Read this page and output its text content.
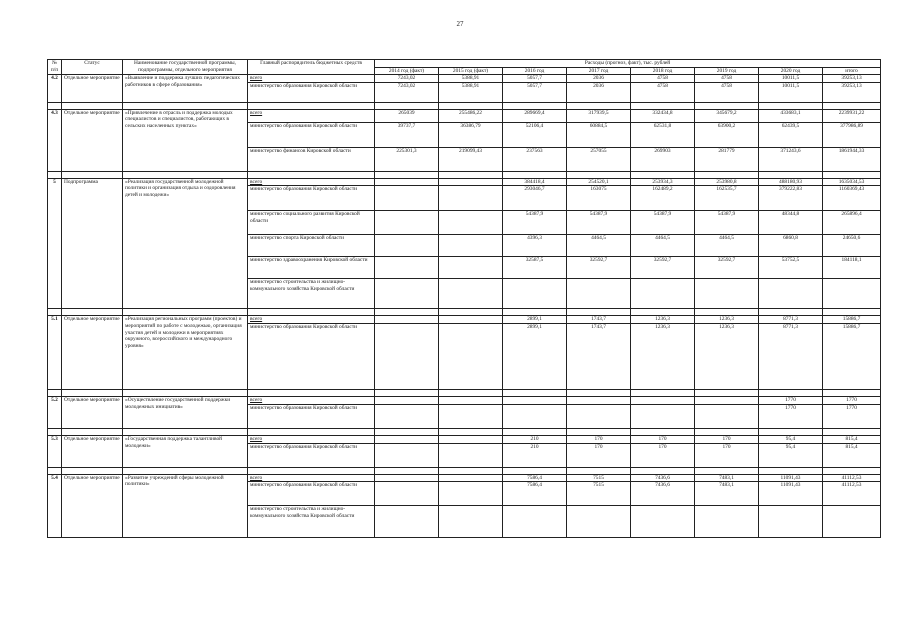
27
№ п/п	Статус	Наименование государственной программы, подпрограммы, отдельного мероприятия	Главный распорядитель бюджетных средств	Расходы (прогноз, факт), тыс. рублей							
				2014 год (факт)	2015 год (факт)	2016 год	2017 год	2018 год	2019 год	2020 год	итого
4.2	Отдельное мероприятие	«Выявление и поддержка лучших педагогических работников в сфере образования»	всего	7243,02	5388,91	5057,7	2036	4758	4758	10011,5	39253,13
			министерство образования Кировской области	7243,02	5388,91	5057,7	2036	4758	4758	10011,5	39253,13

4.3	Отдельное мероприятие	«Привлечение в отрасль и поддержка молодых специалистов и специалистов, работающих в сельских населенных пунктах»	всего	265039	255486,22	289669,4	317939,5	332434,8	345679,2	433683,1	2239931,22
			министерство образования Кировской области	39737,7	36386,79	52106,4	60884,5	62531,8	63900,2	62439,5	377986,89
			министерство финансов Кировской области	225301,3	219099,43	237563	257055	269903	281779	371243,6	1861944,33

5	Подпрограмма	«Реализация государственной молодежной политики и организация отдыха и оздоровления детей и молодежи»	всего			384418,4	254520,1	253934,3	253980,8	488180,93	1635034,53
			министерство образования Кировской области			293046,7	163075	162489,2	162535,7	379222,83	1160369,43
			министерство социального развития Кировской области			54387,9	54387,9	54387,9	54387,9	48344,8	265896,4
			министерство спорта Кировской области			4396,3	4464,5	4464,5	4464,5	6860,8	24650,6
			министерство здравоохранения Кировской области			32587,5	32592,7	32592,7	32592,7	53752,5	184118,1
			министерство строительства и жилищно-коммунального хозяйства Кировской области								

5.1	Отдельное мероприятие	«Реализация региональных программ (проектов) и мероприятий по работе с молодежью, организация участия детей и молодежи в мероприятиях окружного, всероссийского и международного уровня»	всего			2899,1	1743,7	1236,3	1236,3	8771,3	15886,7
			министерство образования Кировской области			2899,1	1743,7	1236,3	1236,3	8771,3	15886,7

5.2	Отдельное мероприятие	«Осуществление государственной поддержки молодежных инициатив»	всего							1770	1770
			министерство образования Кировской области							1770	1770

5.3	Отдельное мероприятие	«Государственная поддержка талантливой молодежи»	всего			210	170	170	170	95,4	815,4
			министерство образования Кировской области			210	170	170	170	95,4	815,4

5.4	Отдельное мероприятие	«Развитие учреждений сферы молодежной политики»	всего			7586,4	7515	7436,6	7483,1	11091,43	41112,53
			министерство образования Кировской области			7586,4	7515	7436,6	7483,1	11091,43	41112,53
			министерство строительства и жилищно-коммунального хозяйства Кировской области								
